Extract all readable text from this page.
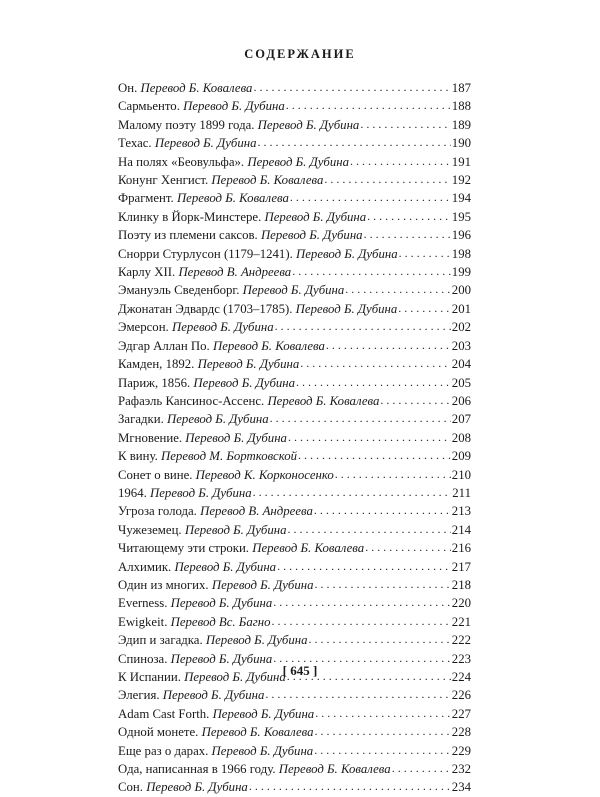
СОДЕРЖАНИЕ
Он. Перевод Б. Ковалева . . .	187
Сармьенто. Перевод Б. Дубина . . .	188
Малому поэту 1899 года. Перевод Б. Дубина . . .	189
Техас. Перевод Б. Дубина . . .	190
На полях «Беовульфа». Перевод Б. Дубина . . .	191
Конунг Хенгист. Перевод Б. Ковалева . . .	192
Фрагмент. Перевод Б. Ковалева . . .	194
Клинку в Йорк-Минстере. Перевод Б. Дубина . . .	195
Поэту из племени саксов. Перевод Б. Дубина . . .	196
Снорри Стурлусон (1179–1241). Перевод Б. Дубина . . .	198
Карлу XII. Перевод В. Андреева . . .	199
Эмануэль Сведенборг. Перевод Б. Дубина . . .	200
Джонатан Эдвардс (1703–1785). Перевод Б. Дубина . . .	201
Эмерсон. Перевод Б. Дубина . . .	202
Эдгар Аллан По. Перевод Б. Ковалева . . .	203
Камден, 1892. Перевод Б. Дубина . . .	204
Париж, 1856. Перевод Б. Дубина . . .	205
Рафаэль Кансинос-Ассенс. Перевод Б. Ковалева . . .	206
Загадки. Перевод Б. Дубина . . .	207
Мгновение. Перевод Б. Дубина . . .	208
К вину. Перевод М. Бортковской . . .	209
Сонет о вине. Перевод К. Корконосенко . . .	210
1964. Перевод Б. Дубина . . .	211
Угроза голода. Перевод В. Андреева . . .	213
Чужеземец. Перевод Б. Дубина . . .	214
Читающему эти строки. Перевод Б. Ковалева . . .	216
Алхимик. Перевод Б. Дубина . . .	217
Один из многих. Перевод Б. Дубина . . .	218
Everness. Перевод Б. Дубина . . .	220
Ewigkeit. Перевод Вс. Багно . . .	221
Эдип и загадка. Перевод Б. Дубина . . .	222
Спиноза. Перевод Б. Дубина . . .	223
К Испании. Перевод Б. Дубина . . .	224
Элегия. Перевод Б. Дубина . . .	226
Adam Cast Forth. Перевод Б. Дубина . . .	227
Одной монете. Перевод Б. Ковалева . . .	228
Еще раз о дарах. Перевод Б. Дубина . . .	229
Ода, написанная в 1966 году. Перевод Б. Ковалева . . .	232
Сон. Перевод Б. Дубина . . .	234
[ 645 ]
